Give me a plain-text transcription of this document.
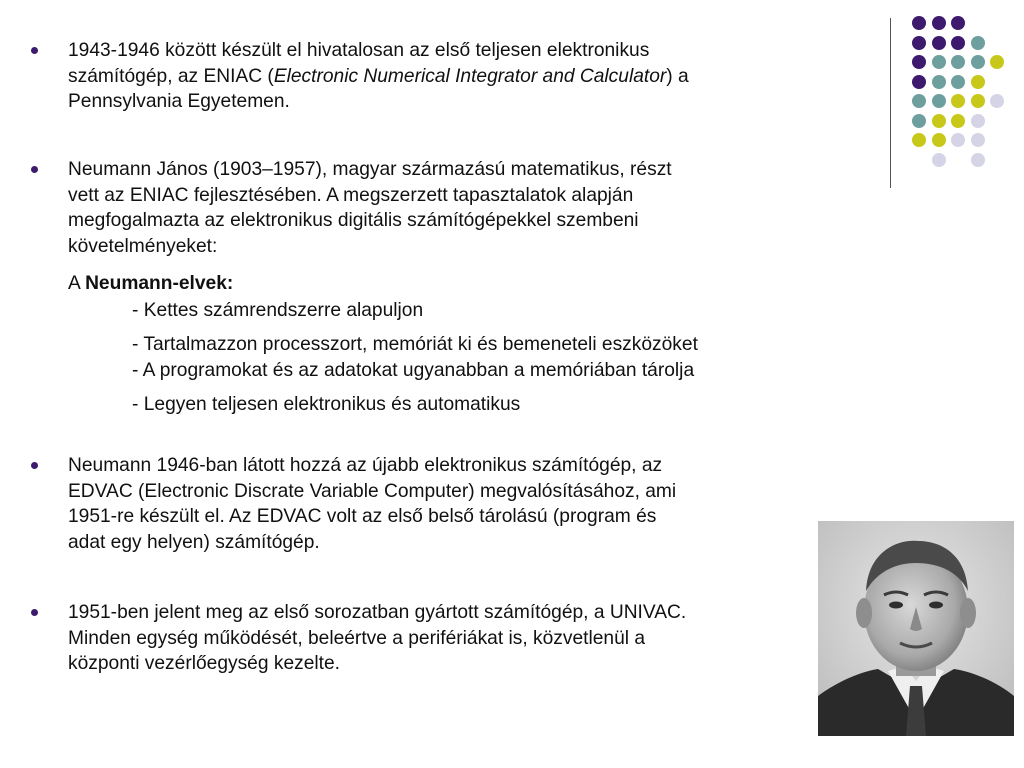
1943-1946 között készült el hivatalosan az első teljesen elektronikus
számítógép, az ENIAC (Electronic Numerical Integrator and Calculator) a
Pennsylvania Egyetemen.
Neumann János (1903–1957), magyar származású matematikus, részt
vett az ENIAC fejlesztésében. A megszerzett tapasztalatok alapján
megfogalmazta az elektronikus digitális számítógépekkel szembeni
követelményeket:
A Neumann-elvek:
- Kettes számrendszerre alapuljon
- Tartalmazzon processzort, memóriát ki és bemeneteli eszközöket
- A programokat és az adatokat ugyanabban a memóriában tárolja
- Legyen teljesen elektronikus és automatikus
Neumann 1946-ban látott hozzá az újabb elektronikus számítógép, az
EDVAC (Electronic Discrate Variable Computer) megvalósításához, ami
1951-re készült el. Az EDVAC volt az első belső tárolású (program és
adat egy helyen) számítógép.
1951-ben jelent meg az első sorozatban gyártott számítógép, a UNIVAC.
Minden egység működését, beleértve a perifériákat is, közvetlenül a
központi vezérlőegység kezelte.
